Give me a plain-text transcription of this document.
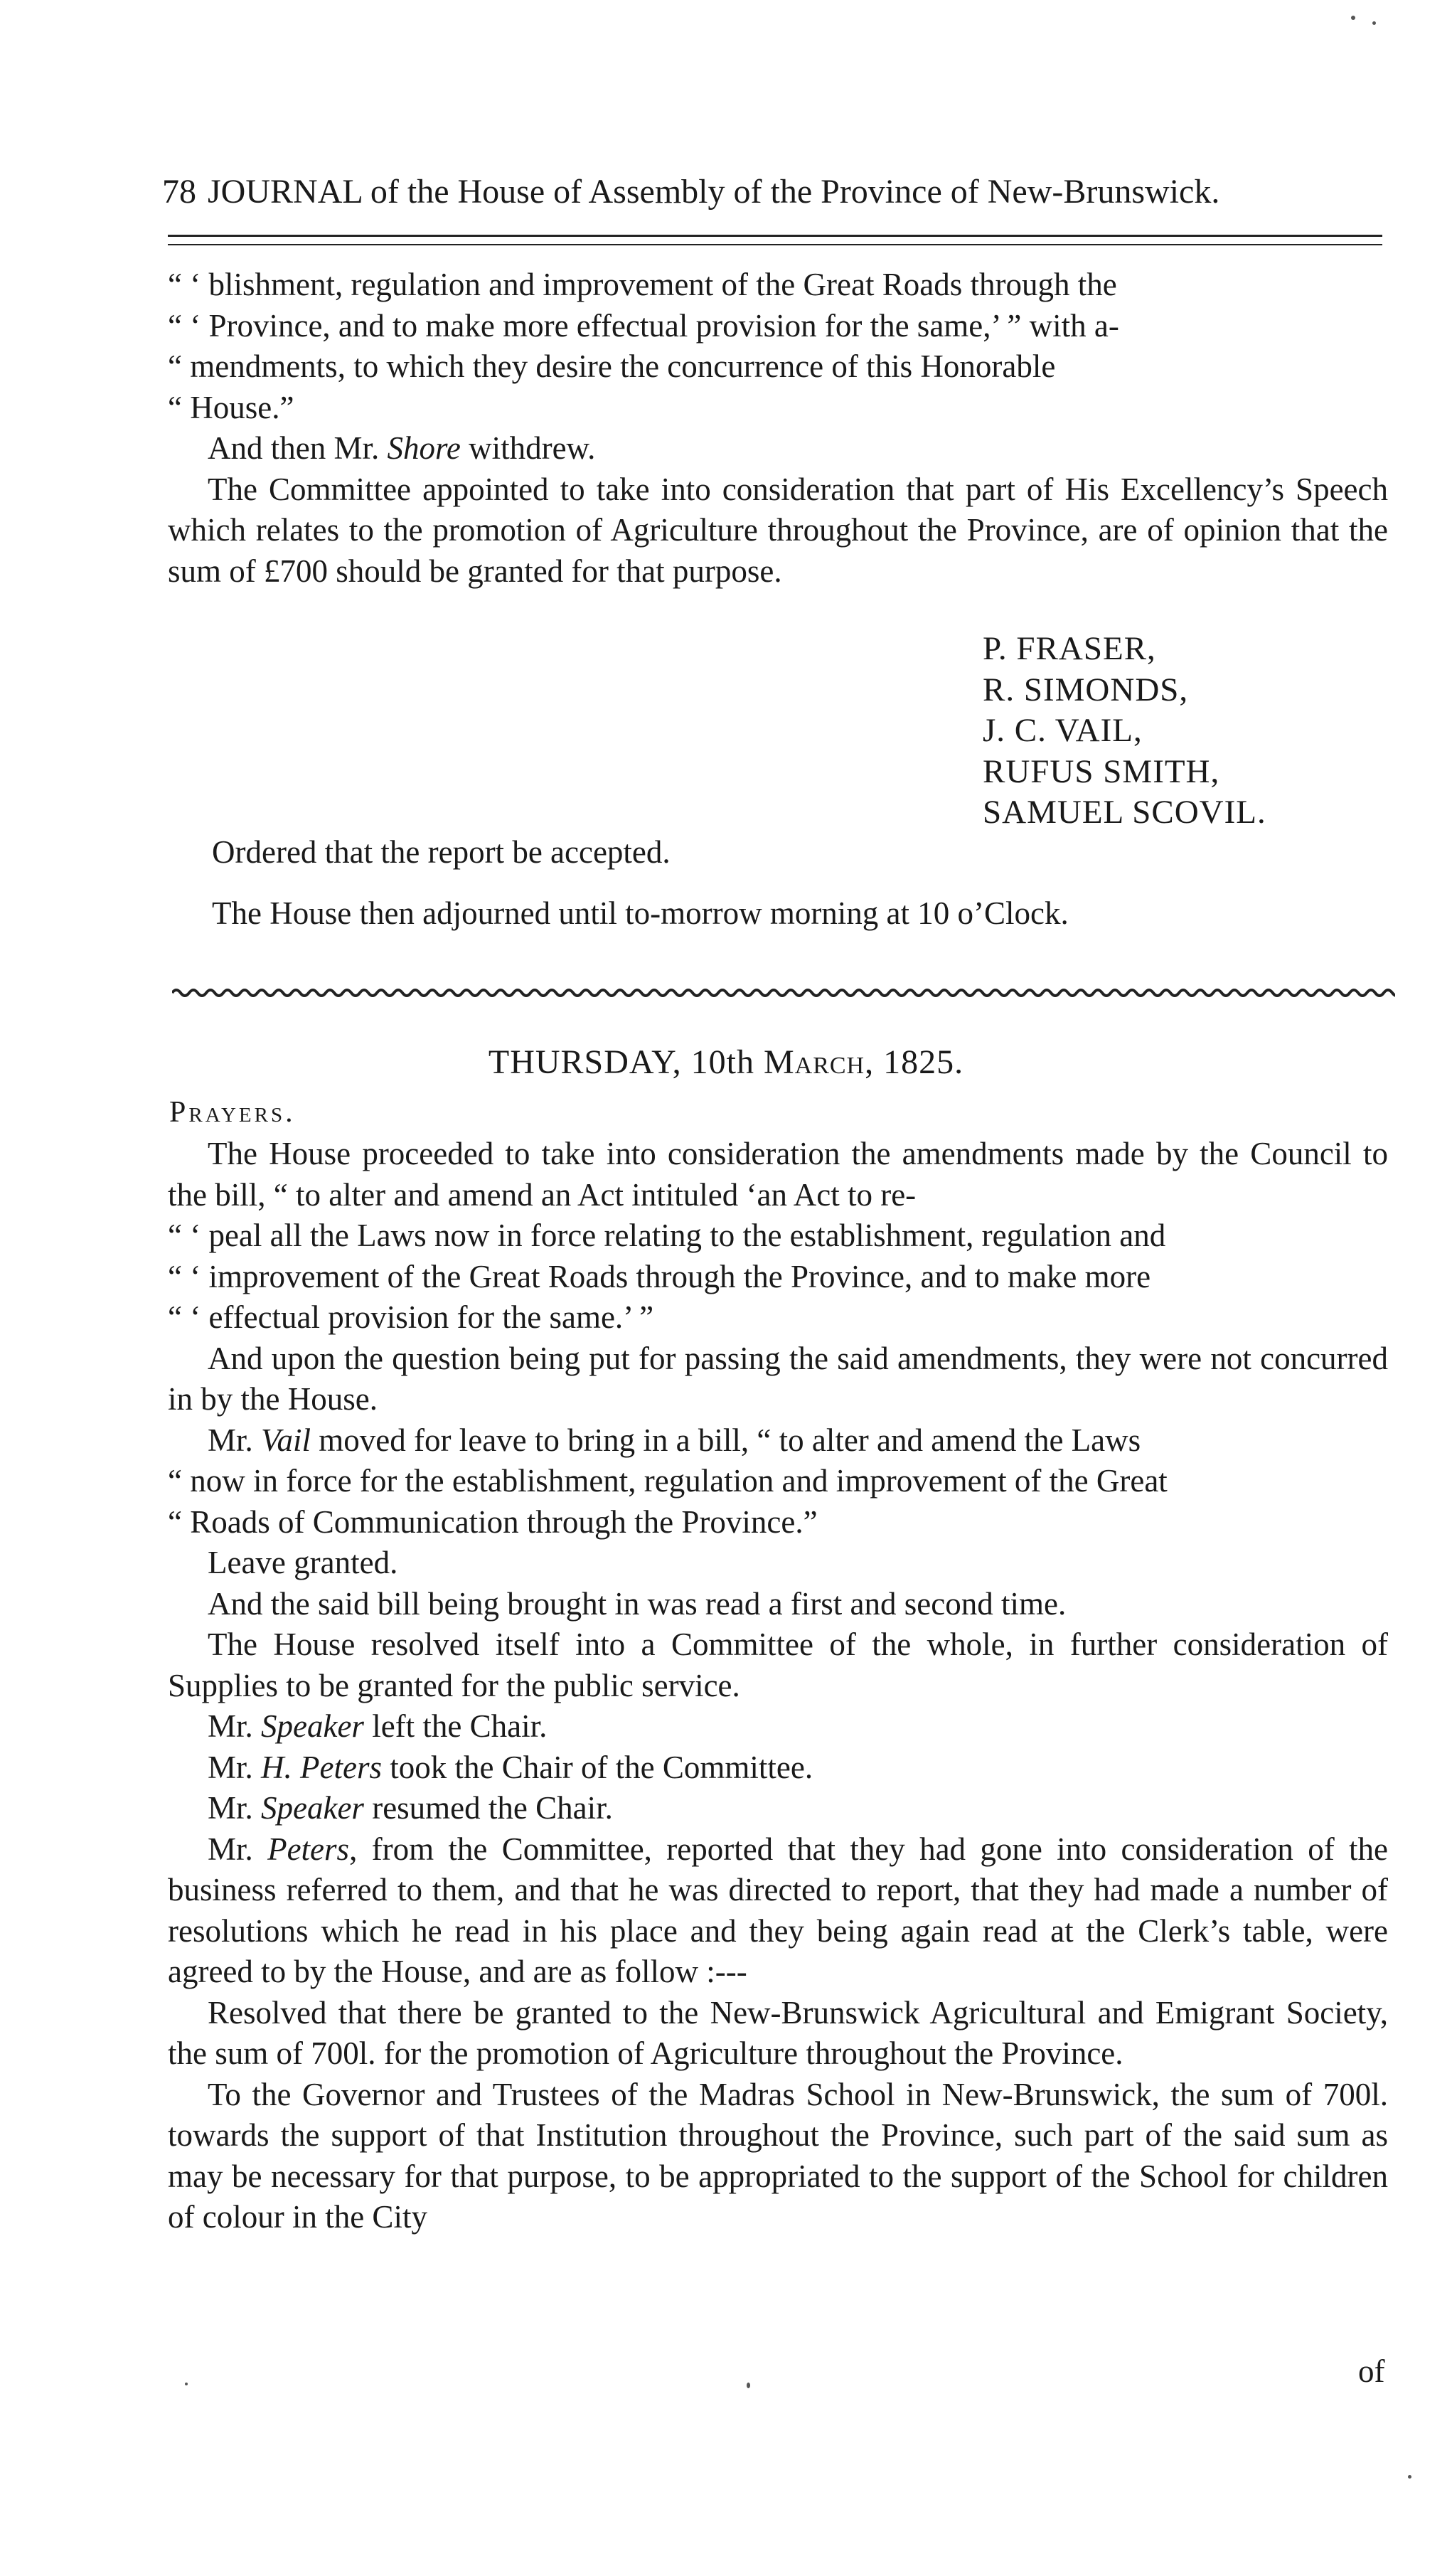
78 JOURNAL of the House of Assembly of the Province of New-Brunswick.

“ ‘ blishment, regulation and improvement of the Great Roads through the

“ ‘ Province, and to make more effectual provision for the same,’ ” with a-

“ mendments, to which they desire the concurrence of this Honorable

“ House.”

And then Mr. Shore withdrew.

The Committee appointed to take into consideration that part of His Excellency’s Speech which relates to the promotion of Agriculture throughout the Province, are of opinion that the sum of £700 should be granted for that purpose.

P. FRASER,
R. SIMONDS,
J. C. VAIL,
RUFUS SMITH,
SAMUEL SCOVIL.
Ordered that the report be accepted.
The House then adjourned until to-morrow morning at 10 o’Clock.
THURSDAY, 10th March, 1825.
Prayers.

The House proceeded to take into consideration the amendments made by the Council to the bill, “ to alter and amend an Act intituled ‘an Act to re-

“ ‘ peal all the Laws now in force relating to the establishment, regulation and

“ ‘ improvement of the Great Roads through the Province, and to make more

“ ‘ effectual provision for the same.’ ”

And upon the question being put for passing the said amendments, they were not concurred in by the House.

Mr. Vail moved for leave to bring in a bill, “ to alter and amend the Laws

“ now in force for the establishment, regulation and improvement of the Great

“ Roads of Communication through the Province.”

Leave granted.

And the said bill being brought in was read a first and second time.

The House resolved itself into a Committee of the whole, in further consideration of Supplies to be granted for the public service.

Mr. Speaker left the Chair.

Mr. H. Peters took the Chair of the Committee.

Mr. Speaker resumed the Chair.

Mr. Peters, from the Committee, reported that they had gone into consideration of the business referred to them, and that he was directed to report, that they had made a number of resolutions which he read in his place and they being again read at the Clerk’s table, were agreed to by the House, and are as follow :---

Resolved that there be granted to the New-Brunswick Agricultural and Emigrant Society, the sum of 700l. for the promotion of Agriculture throughout the Province.

To the Governor and Trustees of the Madras School in New-Brunswick, the sum of 700l. towards the support of that Institution throughout the Province, such part of the said sum as may be necessary for that purpose, to be appropriated to the support of the School for children of colour in the City

of
